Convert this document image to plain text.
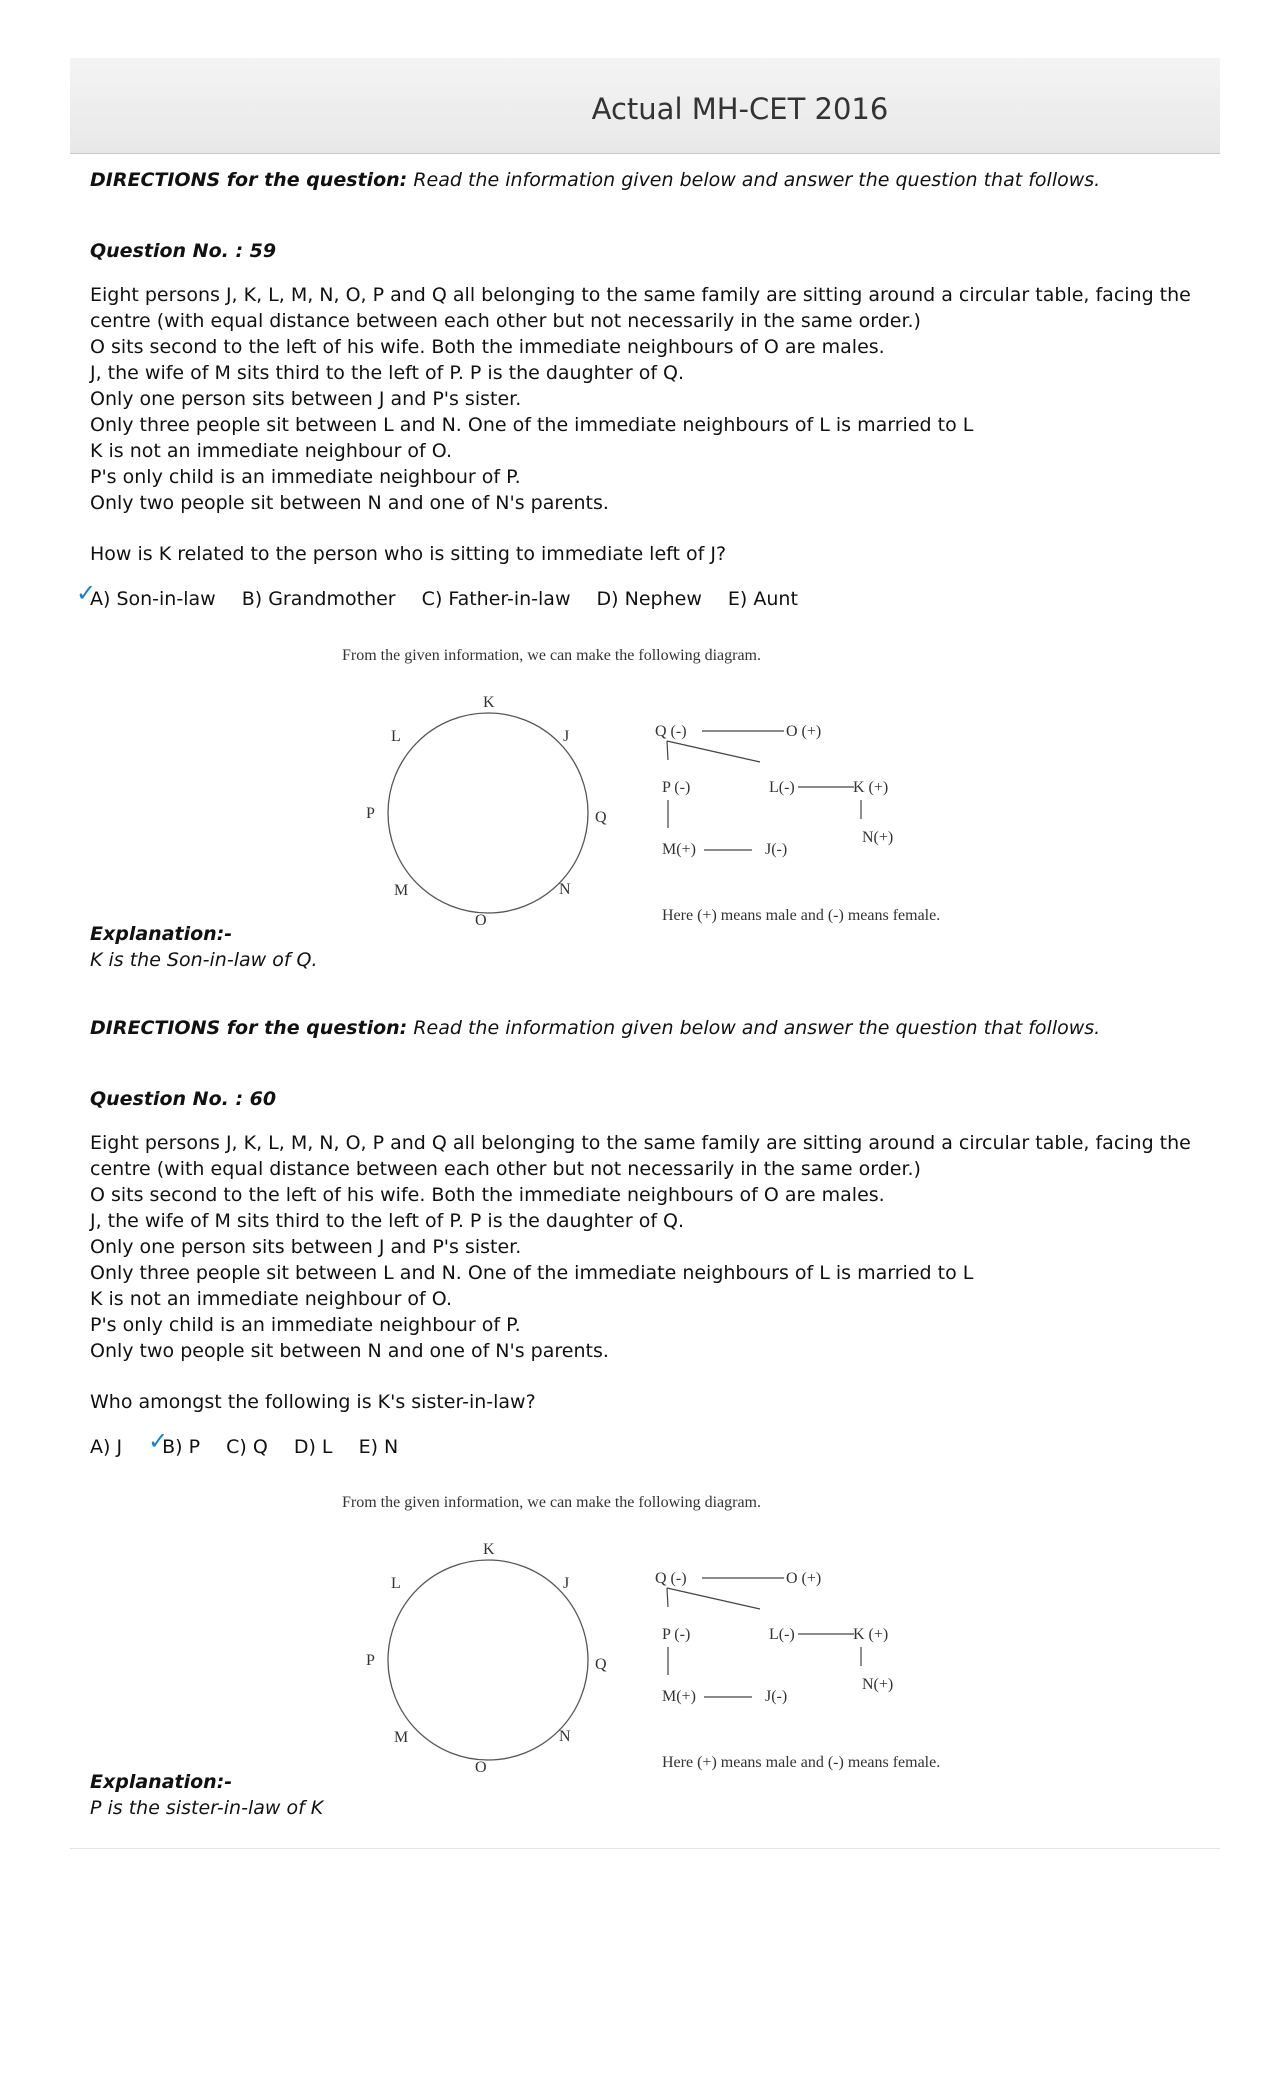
Actual MH-CET 2016
DIRECTIONS for the question: Read the information given below and answer the question that follows.
Question No. : 59
Eight persons J, K, L, M, N, O, P and Q all belonging to the same family are sitting around a circular table, facing the centre (with equal distance between each other but not necessarily in the same order.)
O sits second to the left of his wife. Both the immediate neighbours of O are males.
J, the wife of M sits third to the left of P. P is the daughter of Q.
Only one person sits between J and P's sister.
Only three people sit between L and N. One of the immediate neighbours of L is married to L
K is not an immediate neighbour of O.
P's only child is an immediate neighbour of P.
Only two people sit between N and one of N's parents.
How is K related to the person who is sitting to immediate left of J?
✓
A) Son-in-law B) Grandmother C) Father-in-law D) Nephew E) Aunt
From the given information, we can make the following diagram.
K
J
Q
N
O
M
P
L	Q (-)	O (+)
P (-)	L(-)	K (+)
N(+)
M(+)	J(-)
Here (+) means male and (-) means female.
Explanation:-
K is the Son-in-law of Q.
DIRECTIONS for the question: Read the information given below and answer the question that follows.
Question No. : 60
Eight persons J, K, L, M, N, O, P and Q all belonging to the same family are sitting around a circular table, facing the centre (with equal distance between each other but not necessarily in the same order.)
O sits second to the left of his wife. Both the immediate neighbours of O are males.
J, the wife of M sits third to the left of P. P is the daughter of Q.
Only one person sits between J and P's sister.
Only three people sit between L and N. One of the immediate neighbours of L is married to L
K is not an immediate neighbour of O.
P's only child is an immediate neighbour of P.
Only two people sit between N and one of N's parents.
Who amongst the following is K's sister-in-law?
A) J ✓
B) P C) Q D) L E) N
From the given information, we can make the following diagram.
K
J
Q
N
O
M
P
L	Q (-)	O (+)
P (-)	L(-)	K (+)
N(+)
M(+)	J(-)
Here (+) means male and (-) means female.
Explanation:-
P is the sister-in-law of K
